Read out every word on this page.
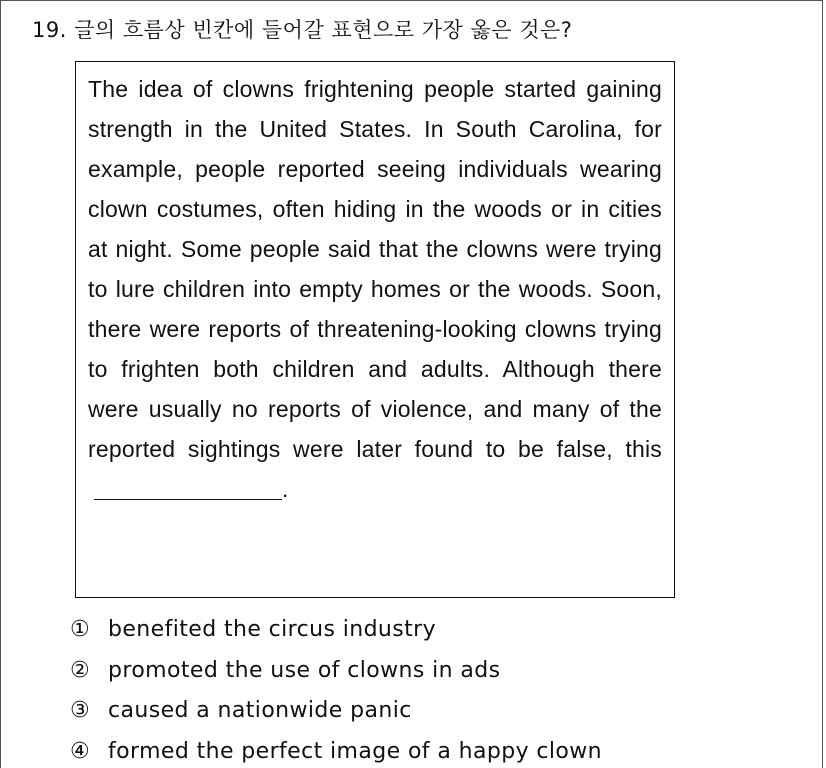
19. 글의 흐름상 빈칸에 들어갈 표현으로 가장 옳은 것은?

The idea of clowns frightening people started gaining strength in the United States. In South Carolina, for example, people reported seeing individuals wearing clown costumes, often hiding in the woods or in cities at night. Some people said that the clowns were trying to lure children into empty homes or the woods. Soon, there were reports of threatening-looking clowns trying to frighten both children and adults. Although there were usually no reports of violence, and many of the reported sightings were later found to be false, this.

① benefited the circus industry
② promoted the use of clowns in ads
③ caused a nationwide panic
④ formed the perfect image of a happy clown
